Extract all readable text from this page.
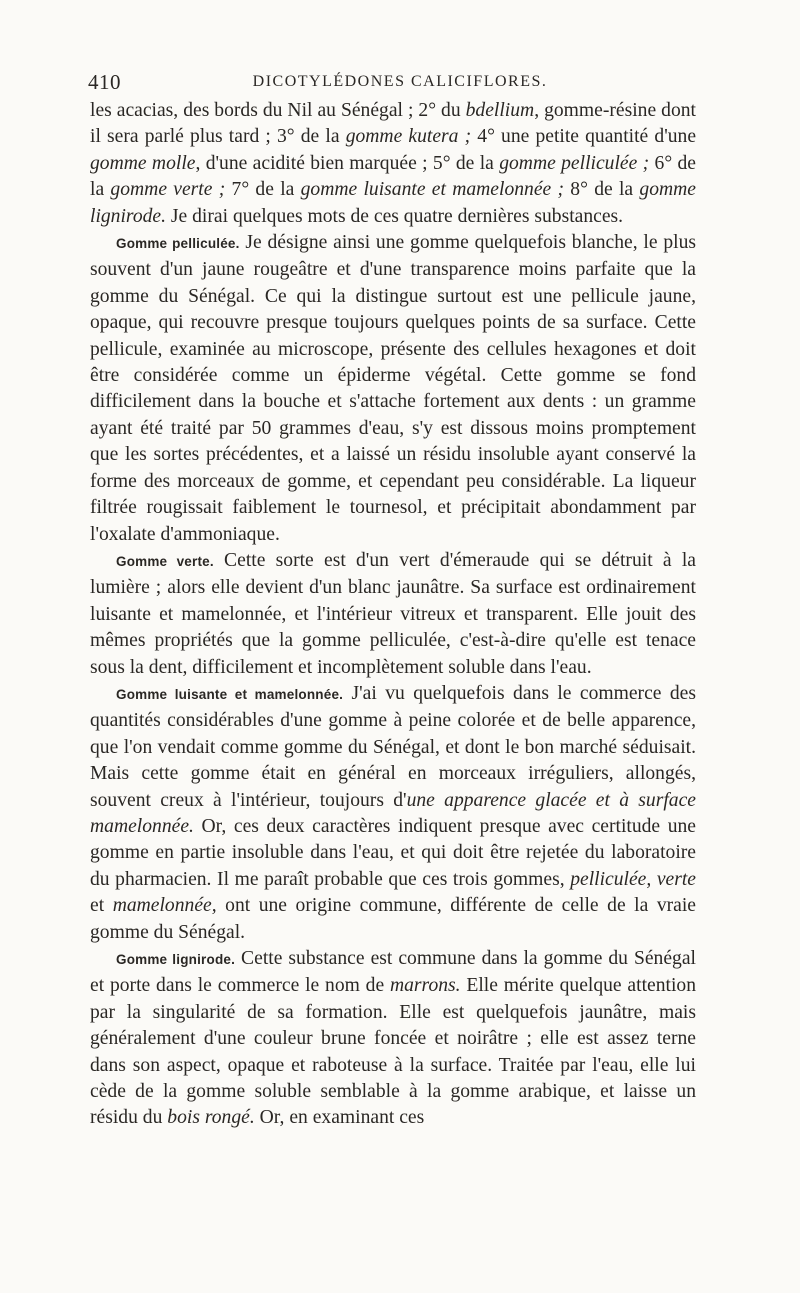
410	DICOTYLÉDONES CALICIFLORES.

les acacias, des bords du Nil au Sénégal ; 2° du bdellium, gomme-résine dont il sera parlé plus tard ; 3° de la gomme kutera ; 4° une petite quantité d'une gomme molle, d'une acidité bien marquée ; 5° de la gomme pelliculée ; 6° de la gomme verte ; 7° de la gomme luisante et mamelonnée ; 8° de la gomme lignirode. Je dirai quelques mots de ces quatre dernières substances.

Gomme pelliculée. Je désigne ainsi une gomme quelquefois blanche, le plus souvent d'un jaune rougeâtre et d'une transparence moins parfaite que la gomme du Sénégal. Ce qui la distingue surtout est une pellicule jaune, opaque, qui recouvre presque toujours quelques points de sa surface. Cette pellicule, examinée au microscope, présente des cellules hexagones et doit être considérée comme un épiderme végétal. Cette gomme se fond difficilement dans la bouche et s'attache fortement aux dents : un gramme ayant été traité par 50 grammes d'eau, s'y est dissous moins promptement que les sortes précédentes, et a laissé un résidu insoluble ayant conservé la forme des morceaux de gomme, et cependant peu considérable. La liqueur filtrée rougissait faiblement le tournesol, et précipitait abondamment par l'oxalate d'ammoniaque.

Gomme verte. Cette sorte est d'un vert d'émeraude qui se détruit à la lumière ; alors elle devient d'un blanc jaunâtre. Sa surface est ordinairement luisante et mamelonnée, et l'intérieur vitreux et transparent. Elle jouit des mêmes propriétés que la gomme pelliculée, c'est-à-dire qu'elle est tenace sous la dent, difficilement et incomplètement soluble dans l'eau.

Gomme luisante et mamelonnée. J'ai vu quelquefois dans le commerce des quantités considérables d'une gomme à peine colorée et de belle apparence, que l'on vendait comme gomme du Sénégal, et dont le bon marché séduisait. Mais cette gomme était en général en morceaux irréguliers, allongés, souvent creux à l'intérieur, toujours d'une apparence glacée et à surface mamelonnée. Or, ces deux caractères indiquent presque avec certitude une gomme en partie insoluble dans l'eau, et qui doit être rejetée du laboratoire du pharmacien. Il me paraît probable que ces trois gommes, pelliculée, verte et mamelonnée, ont une origine commune, différente de celle de la vraie gomme du Sénégal.

Gomme lignirode. Cette substance est commune dans la gomme du Sénégal et porte dans le commerce le nom de marrons. Elle mérite quelque attention par la singularité de sa formation. Elle est quelquefois jaunâtre, mais généralement d'une couleur brune foncée et noirâtre ; elle est assez terne dans son aspect, opaque et raboteuse à la surface. Traitée par l'eau, elle lui cède de la gomme soluble semblable à la gomme arabique, et laisse un résidu du bois rongé. Or, en examinant ces
